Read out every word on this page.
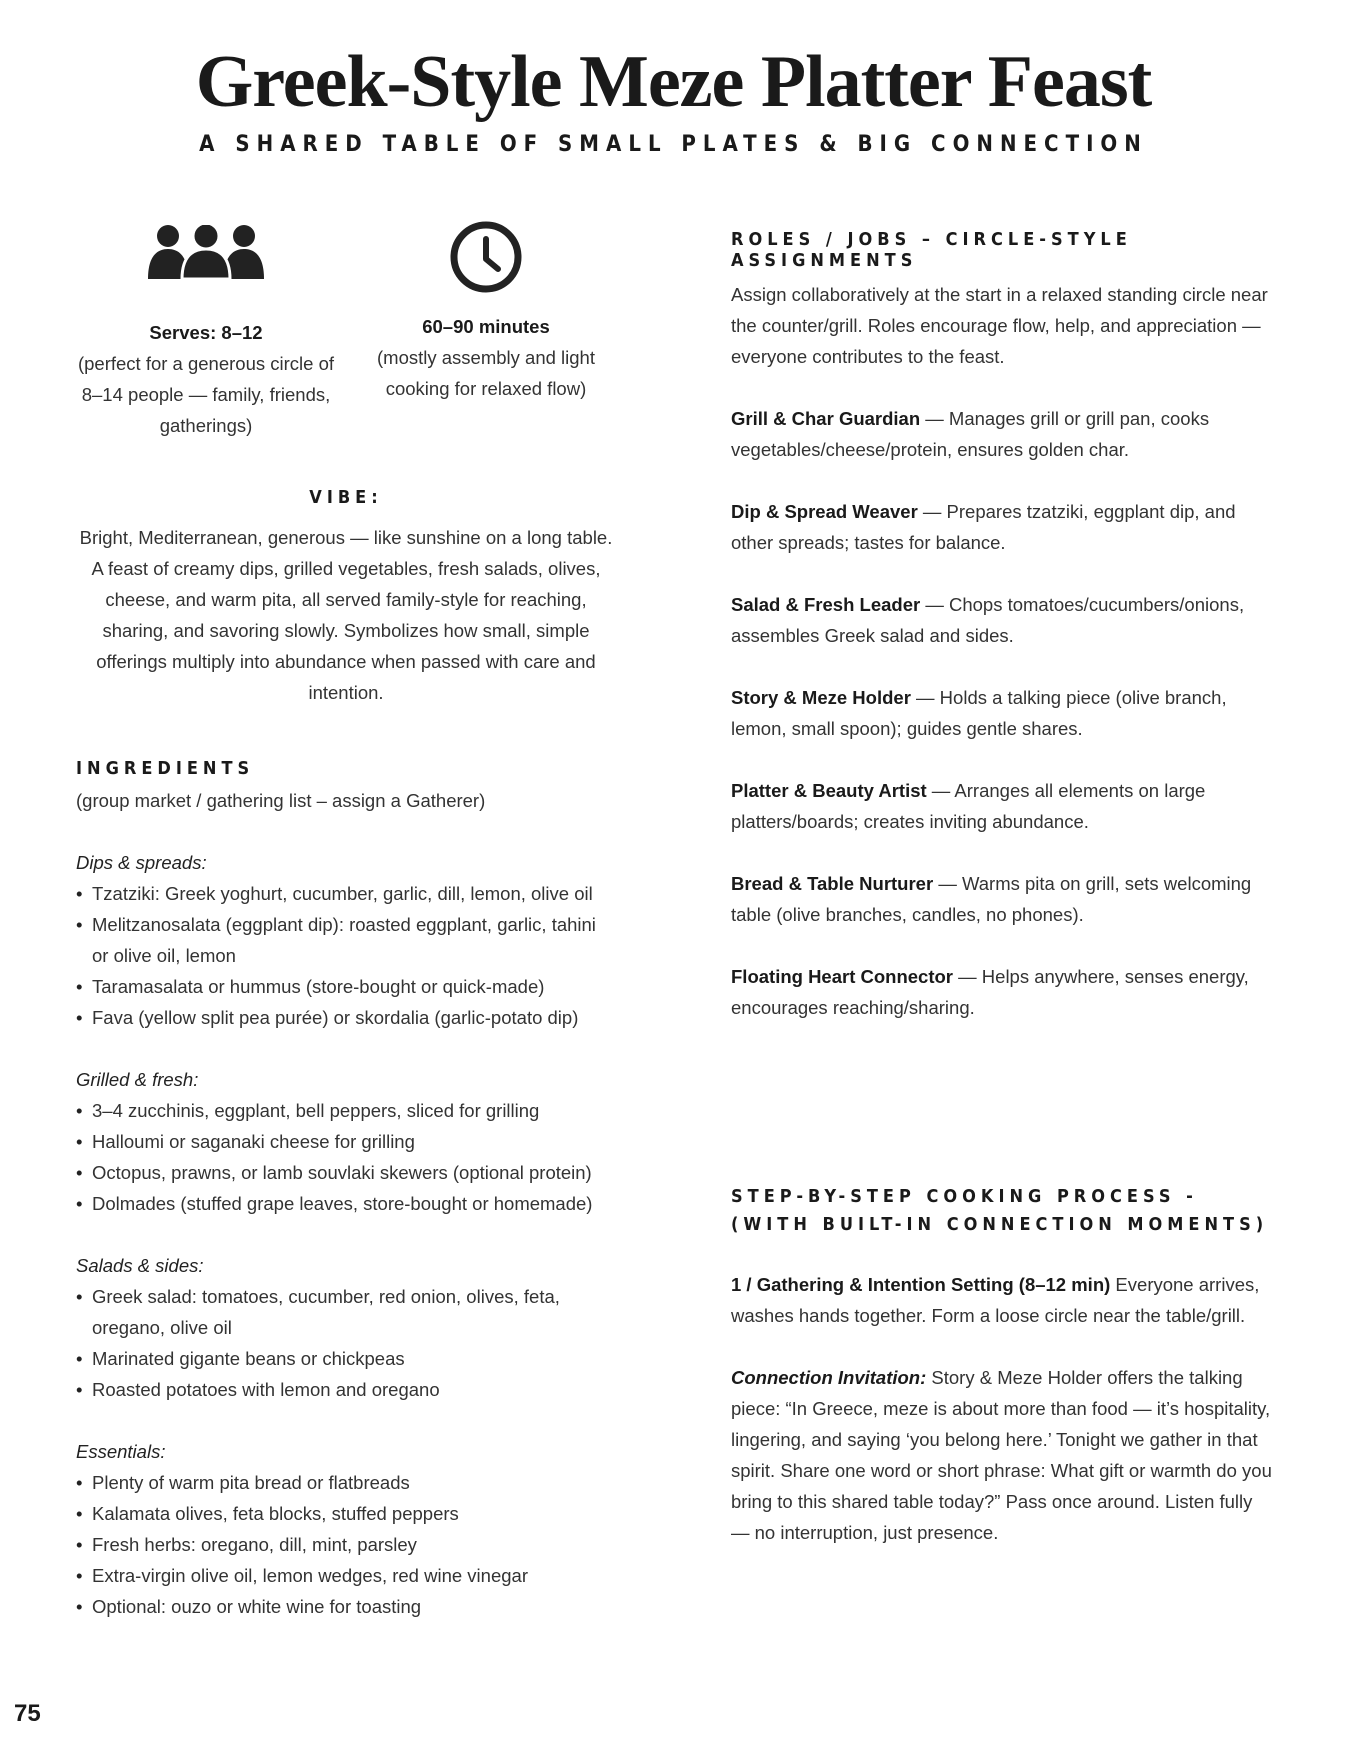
Greek-Style Meze Platter Feast
A SHARED TABLE OF SMALL PLATES & BIG CONNECTION
Serves: 8–12
(perfect for a generous circle of 8–14 people — family, friends, gatherings)
60–90 minutes
(mostly assembly and light cooking for relaxed flow)
VIBE:

Bright, Mediterranean, generous — like sunshine on a long table. A feast of creamy dips, grilled vegetables, fresh salads, olives, cheese, and warm pita, all served family-style for reaching, sharing, and savoring slowly. Symbolizes how small, simple offerings multiply into abundance when passed with care and intention.

INGREDIENTS

(group market / gathering list – assign a Gatherer)

Dips & spreads:

• Tzatziki: Greek yoghurt, cucumber, garlic, dill, lemon, olive oil
• Melitzanosalata (eggplant dip): roasted eggplant, garlic, tahini or olive oil, lemon
• Taramasalata or hummus (store-bought or quick-made)
• Fava (yellow split pea purée) or skordalia (garlic-potato dip)

Grilled & fresh:

• 3–4 zucchinis, eggplant, bell peppers, sliced for grilling
• Halloumi or saganaki cheese for grilling
• Octopus, prawns, or lamb souvlaki skewers (optional protein)
• Dolmades (stuffed grape leaves, store-bought or homemade)

Salads & sides:

• Greek salad: tomatoes, cucumber, red onion, olives, feta, oregano, olive oil
• Marinated gigante beans or chickpeas
• Roasted potatoes with lemon and oregano

Essentials:

• Plenty of warm pita bread or flatbreads
• Kalamata olives, feta blocks, stuffed peppers
• Fresh herbs: oregano, dill, mint, parsley
• Extra-virgin olive oil, lemon wedges, red wine vinegar
• Optional: ouzo or white wine for toasting
ROLES / JOBS – CIRCLE-STYLE ASSIGNMENTS

Assign collaboratively at the start in a relaxed standing circle near the counter/grill. Roles encourage flow, help, and appreciation — everyone contributes to the feast.

Grill & Char Guardian — Manages grill or grill pan, cooks vegetables/cheese/protein, ensures golden char.

Dip & Spread Weaver — Prepares tzatziki, eggplant dip, and other spreads; tastes for balance.

Salad & Fresh Leader — Chops tomatoes/cucumbers/onions, assembles Greek salad and sides.

Story & Meze Holder — Holds a talking piece (olive branch, lemon, small spoon); guides gentle shares.

Platter & Beauty Artist — Arranges all elements on large platters/boards; creates inviting abundance.

Bread & Table Nurturer — Warms pita on grill, sets welcoming table (olive branches, candles, no phones).

Floating Heart Connector — Helps anywhere, senses energy, encourages reaching/sharing.

STEP-BY-STEP COOKING PROCESS -
(WITH BUILT-IN CONNECTION MOMENTS)

1 / Gathering & Intention Setting (8–12 min) Everyone arrives, washes hands together. Form a loose circle near the table/grill.

Connection Invitation: Story & Meze Holder offers the talking piece: “In Greece, meze is about more than food — it’s hospitality, lingering, and saying ‘you belong here.’ Tonight we gather in that spirit. Share one word or short phrase: What gift or warmth do you bring to this shared table today?” Pass once around. Listen fully — no interruption, just presence.

75
